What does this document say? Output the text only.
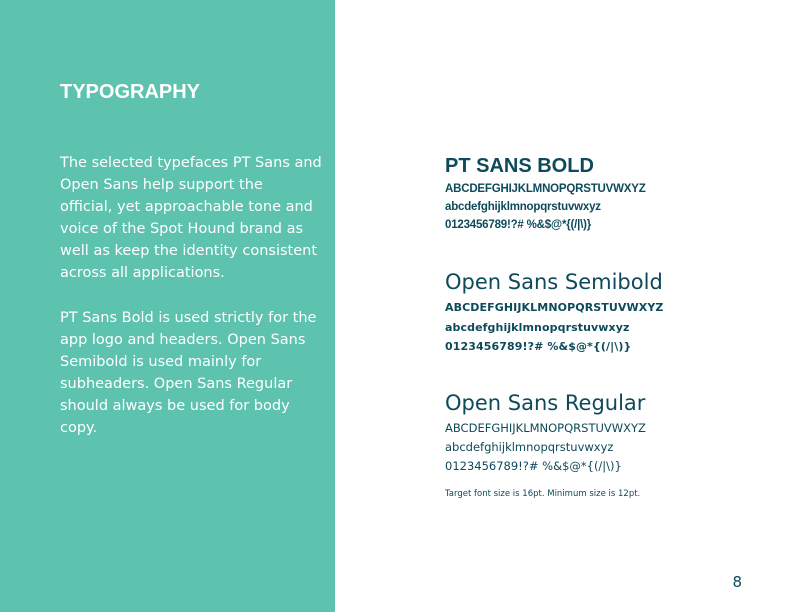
TYPOGRAPHY

The selected typefaces PT Sans and
Open Sans help support the
official, yet approachable tone and
voice of the Spot Hound brand as
well as keep the identity consistent
across all applications.

PT Sans Bold is used strictly for the
app logo and headers. Open Sans
Semibold is used mainly for
subheaders. Open Sans Regular
should always be used for body
copy.

PT SANS BOLD

ABCDEFGHIJKLMNOPQRSTUVWXYZ

abcdefghijklmnopqrstuvwxyz

0123456789!?# %&$@*{(/|\)}

Open Sans Semibold

ABCDEFGHIJKLMNOPQRSTUVWXYZ

abcdefghijklmnopqrstuvwxyz

0123456789!?# %&$@*{(/|\)}

Open Sans Regular

ABCDEFGHIJKLMNOPQRSTUVWXYZ

abcdefghijklmnopqrstuvwxyz

0123456789!?# %&$@*{(/|\)}

Target font size is 16pt. Minimum size is 12pt.

8
